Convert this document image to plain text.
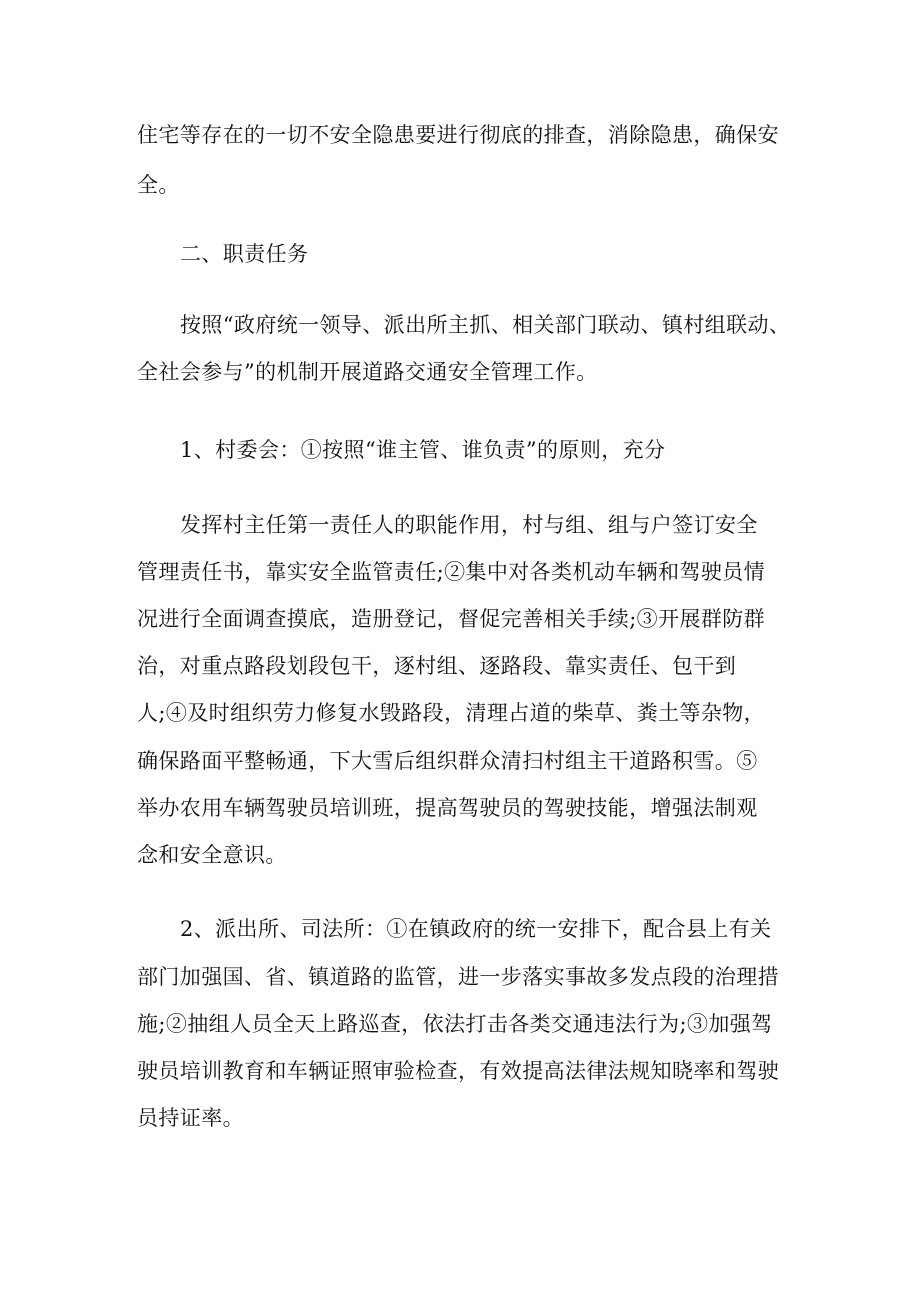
住宅等存在的一切不安全隐患要进行彻底的排查，消除隐患，确保安
全。
二、职责任务
按照“政府统一领导、派出所主抓、相关部门联动、镇村组联动、
全社会参与”的机制开展道路交通安全管理工作。
1、村委会：①按照“谁主管、谁负责”的原则，充分
发挥村主任第一责任人的职能作用，村与组、组与户签订安全
管理责任书，靠实安全监管责任;②集中对各类机动车辆和驾驶员情
况进行全面调查摸底，造册登记，督促完善相关手续;③开展群防群
治，对重点路段划段包干，逐村组、逐路段、靠实责任、包干到
人;④及时组织劳力修复水毁路段，清理占道的柴草、粪土等杂物，
确保路面平整畅通，下大雪后组织群众清扫村组主干道路积雪。⑤
举办农用车辆驾驶员培训班，提高驾驶员的驾驶技能，增强法制观
念和安全意识。
2、派出所、司法所：①在镇政府的统一安排下，配合县上有关
部门加强国、省、镇道路的监管，进一步落实事故多发点段的治理措
施;②抽组人员全天上路巡查，依法打击各类交通违法行为;③加强驾
驶员培训教育和车辆证照审验检查，有效提高法律法规知晓率和驾驶
员持证率。
